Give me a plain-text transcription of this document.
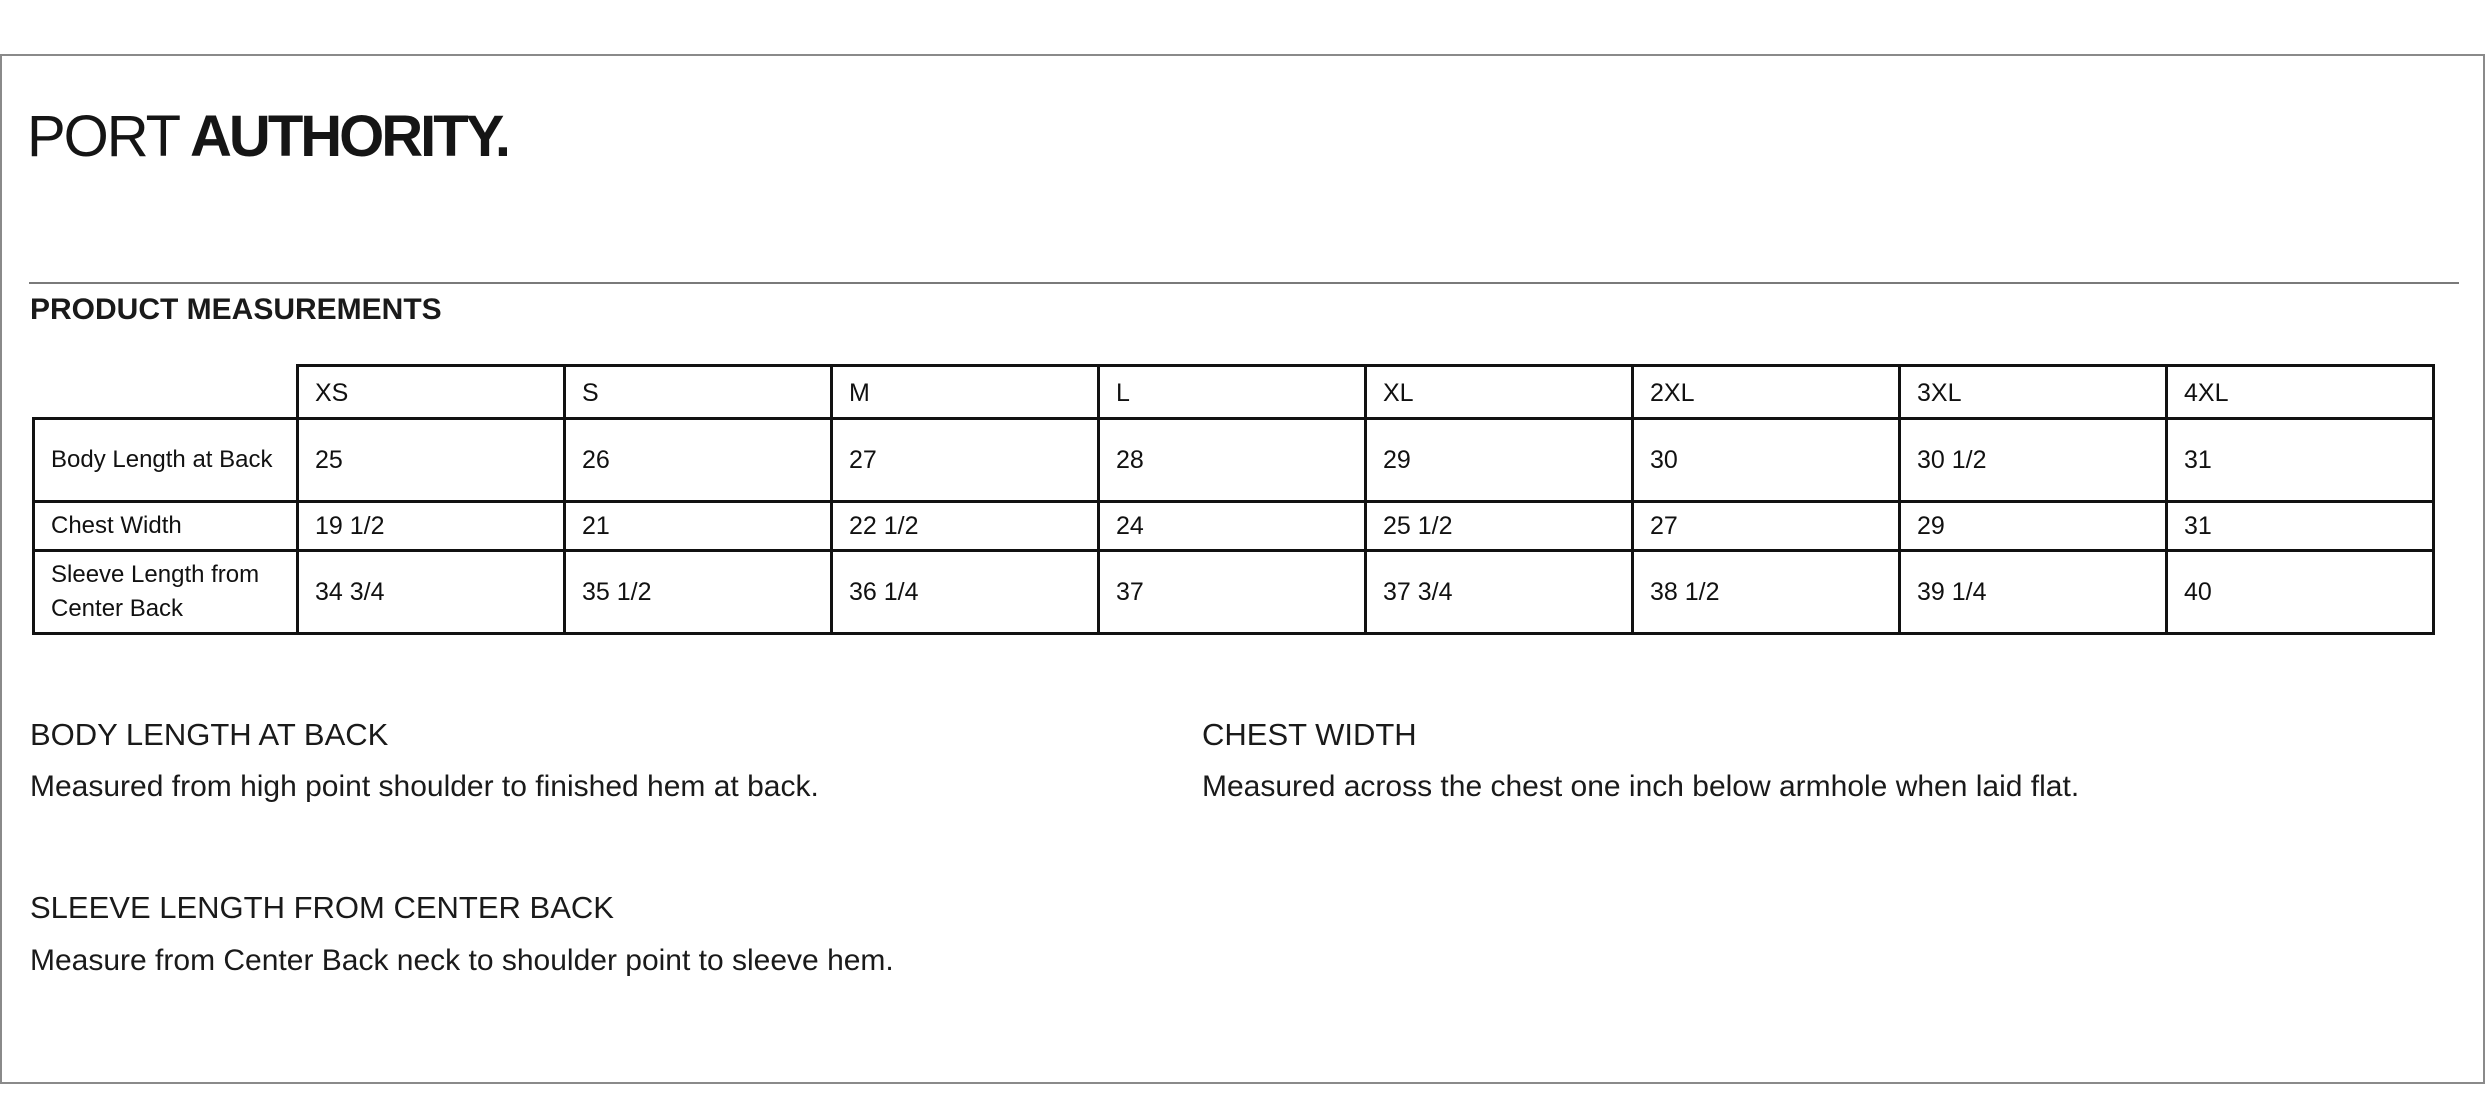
PORT AUTHORITY.
PRODUCT MEASUREMENTS
	XS	S	M	L	XL	2XL	3XL	4XL
Body Length at Back	25	26	27	28	29	30	30 1/2	31
Chest Width	19 1/2	21	22 1/2	24	25 1/2	27	29	31
Sleeve Length from Center Back	34 3/4	35 1/2	36 1/4	37	37 3/4	38 1/2	39 1/4	40
BODY LENGTH AT BACK
Measured from high point shoulder to finished hem at back.
CHEST WIDTH
Measured across the chest one inch below armhole when laid flat.
SLEEVE LENGTH FROM CENTER BACK
Measure from Center Back neck to shoulder point to sleeve hem.
